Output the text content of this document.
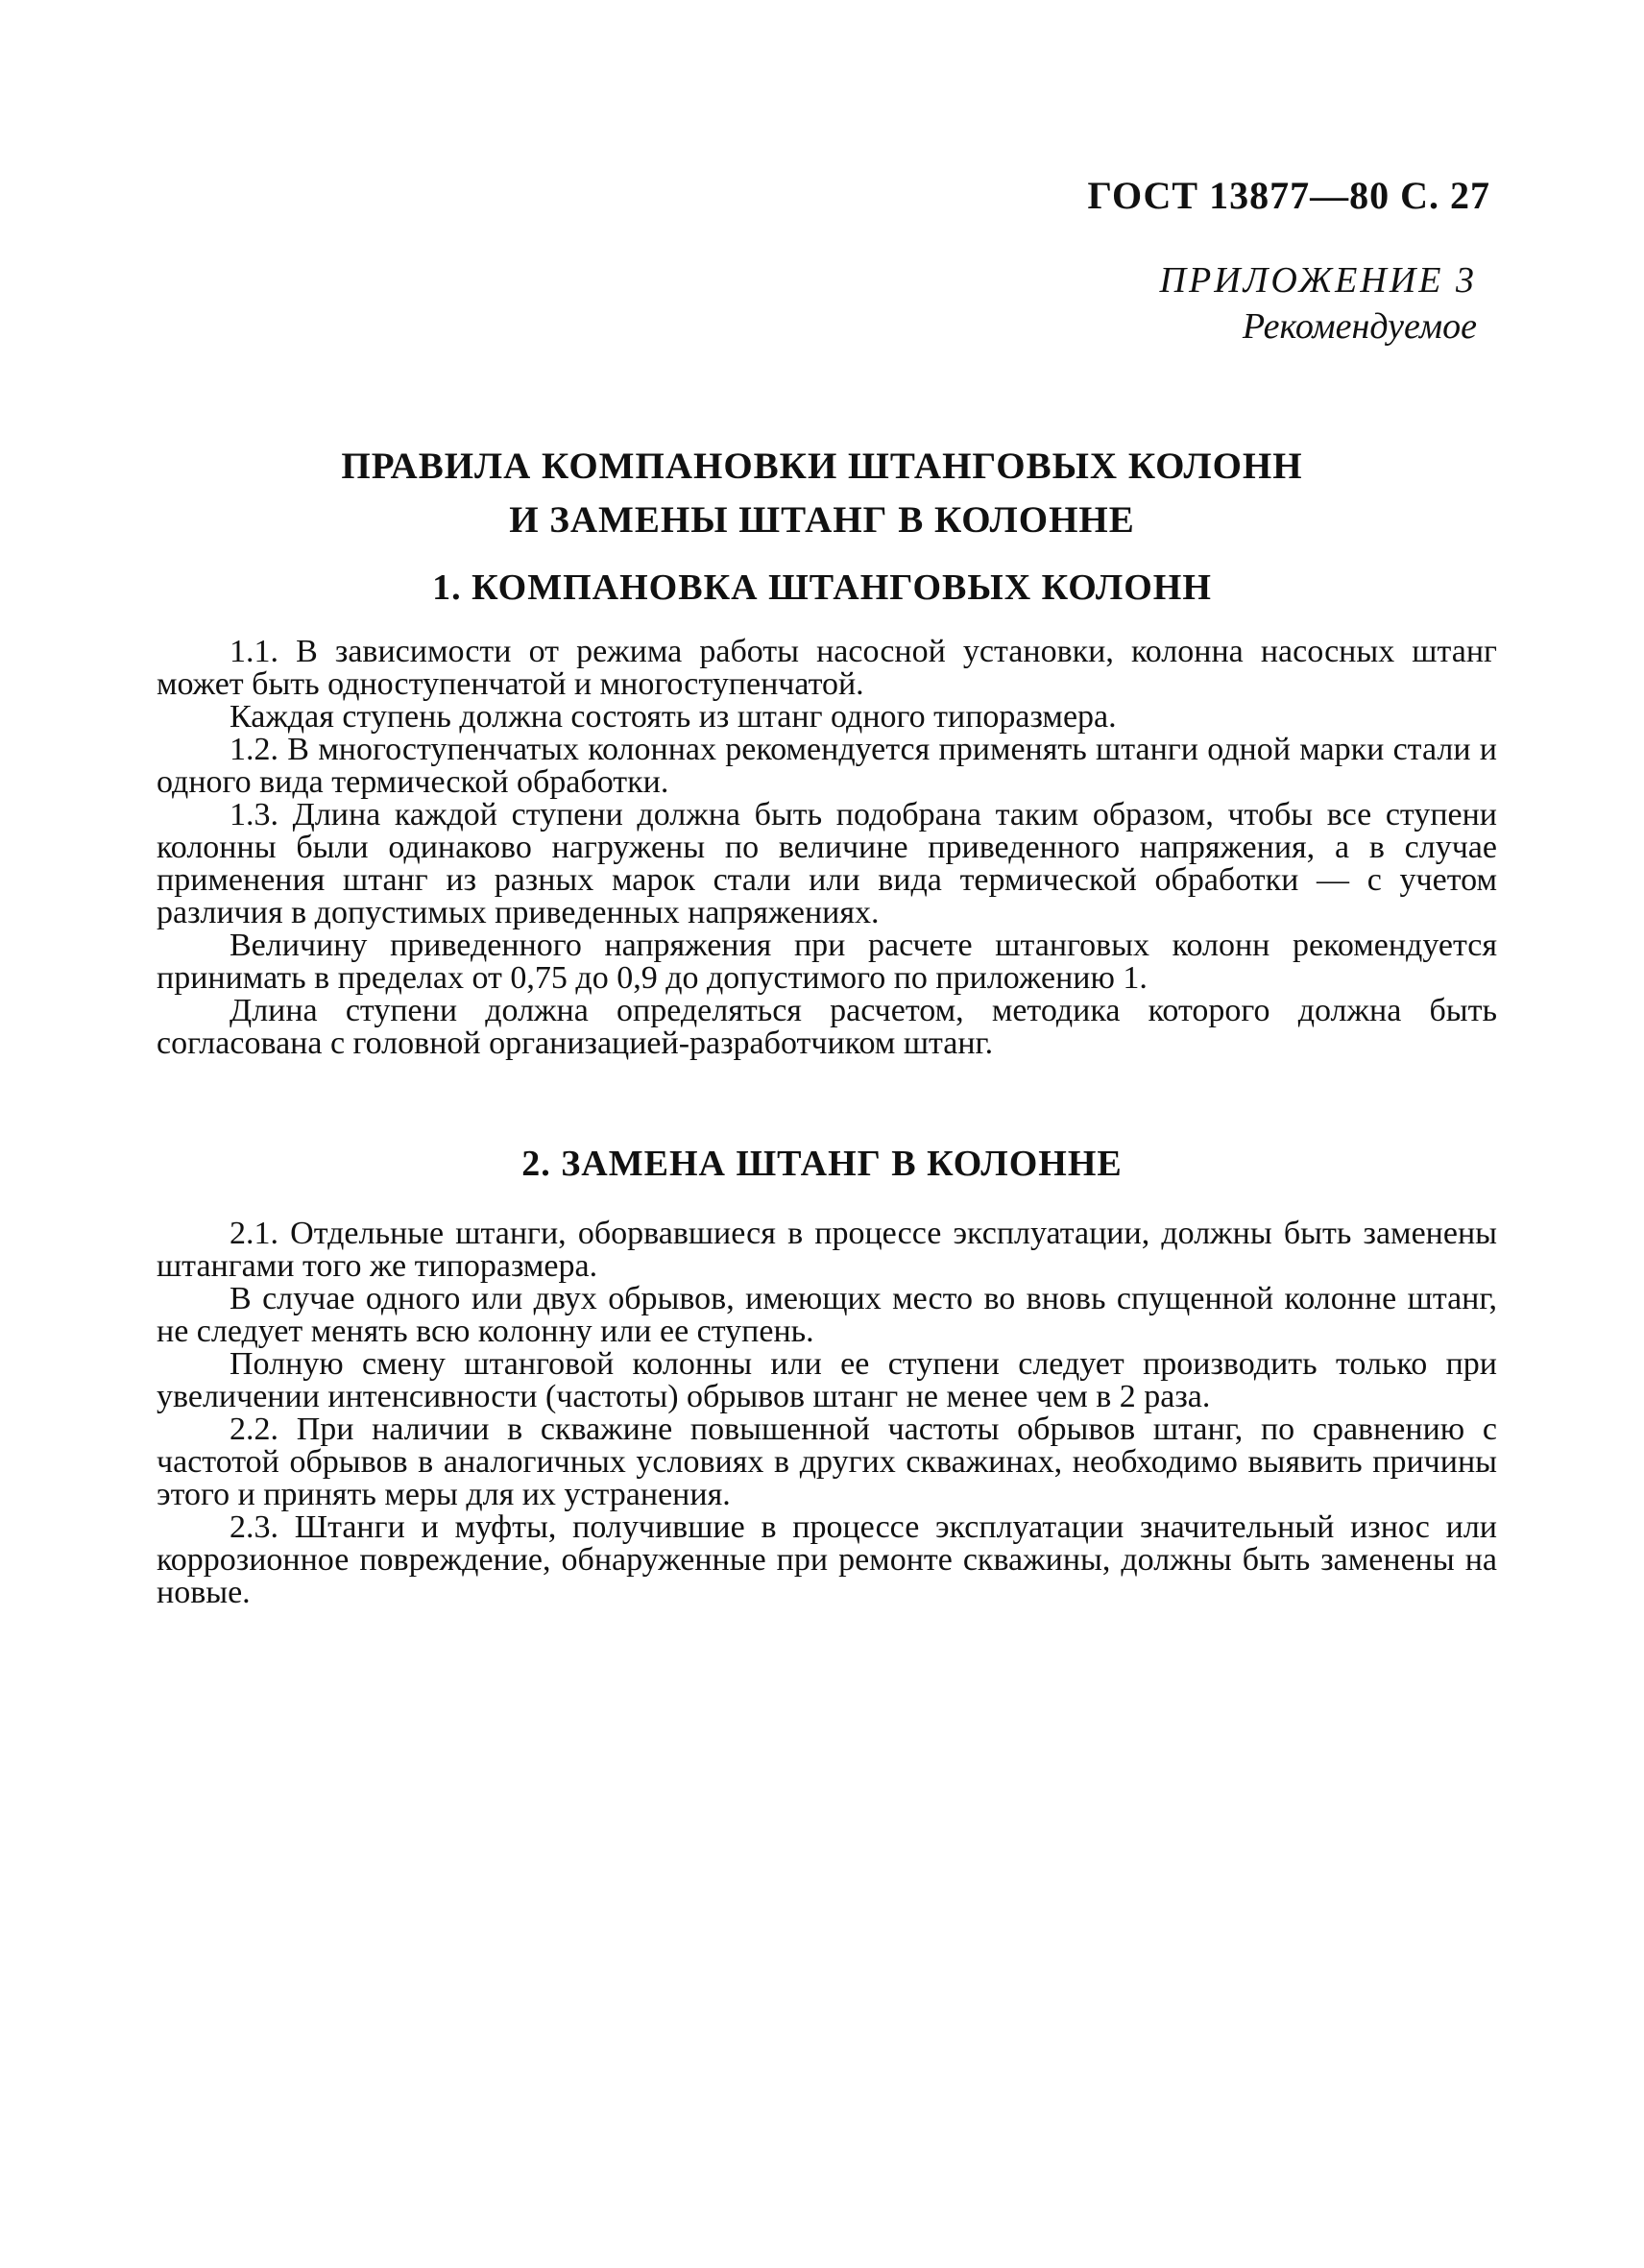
ГОСТ 13877—80 С. 27
ПРИЛОЖЕНИЕ 3
Рекомендуемое
ПРАВИЛА КОМПАНОВКИ ШТАНГОВЫХ КОЛОНН
И ЗАМЕНЫ ШТАНГ В КОЛОННЕ
1. КОМПАНОВКА ШТАНГОВЫХ КОЛОНН

1.1. В зависимости от режима работы насосной установки, колонна насосных штанг может быть одноступенчатой и многоступенчатой.

Каждая ступень должна состоять из штанг одного типоразмера.

1.2. В многоступенчатых колоннах рекомендуется применять штанги одной марки стали и одного вида термической обработки.

1.3. Длина каждой ступени должна быть подобрана таким образом, чтобы все ступени колонны были одинаково нагружены по величине приведенного напряжения, а в случае применения штанг из разных марок стали или вида термической обработки — с учетом различия в допустимых приведенных напряжениях.

Величину приведенного напряжения при расчете штанговых колонн рекомендуется принимать в пределах от 0,75 до 0,9 до допустимого по приложению 1.

Длина ступени должна определяться расчетом, методика которого должна быть согласована с головной организацией-разработчиком штанг.

2. ЗАМЕНА ШТАНГ В КОЛОННЕ

2.1. Отдельные штанги, оборвавшиеся в процессе эксплуатации, должны быть заменены штангами того же типоразмера.

В случае одного или двух обрывов, имеющих место во вновь спущенной колонне штанг, не следует менять всю колонну или ее ступень.

Полную смену штанговой колонны или ее ступени следует производить только при увеличении интенсивности (частоты) обрывов штанг не менее чем в 2 раза.

2.2. При наличии в скважине повышенной частоты обрывов штанг, по сравнению с частотой обрывов в аналогичных условиях в других скважинах, необходимо выявить причины этого и принять меры для их устранения.

2.3. Штанги и муфты, получившие в процессе эксплуатации значительный износ или коррозионное повреждение, обнаруженные при ремонте скважины, должны быть заменены на новые.
